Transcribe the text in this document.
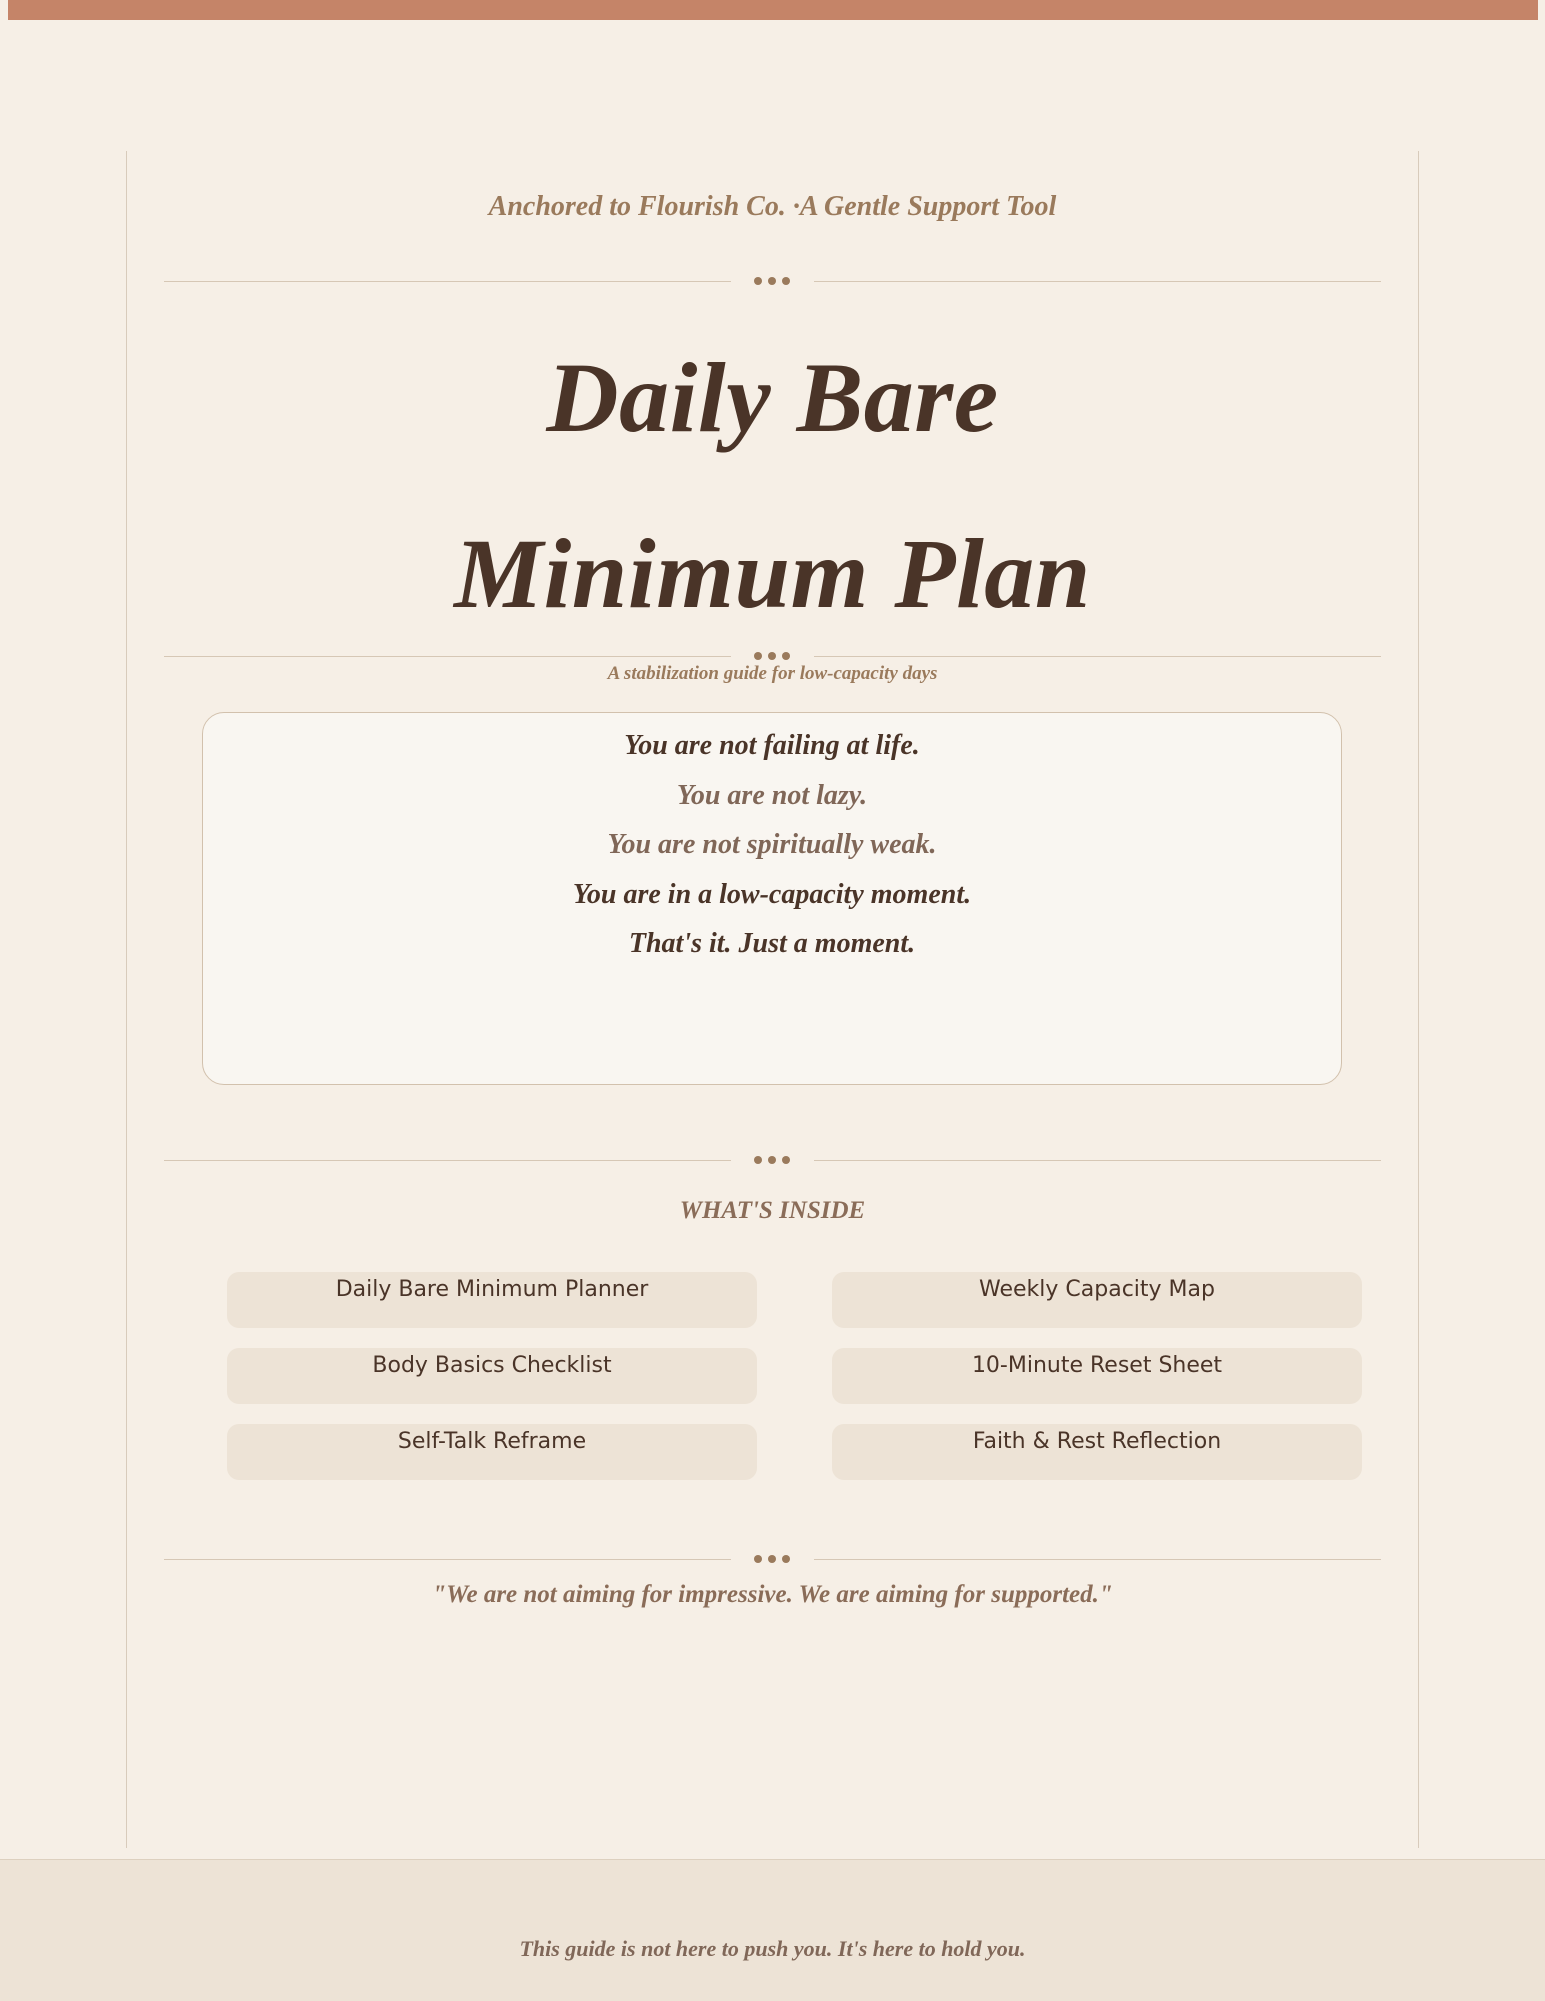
Anchored to Flourish Co. ·A Gentle Support Tool
Daily Bare
Minimum Plan
A stabilization guide for low-capacity days
You are not failing at life.
You are not lazy.
You are not spiritually weak.
You are in a low-capacity moment.
That's it. Just a moment.
WHAT'S INSIDE
Daily Bare Minimum Planner	Weekly Capacity Map
Body Basics Checklist	10-Minute Reset Sheet
Self-Talk Reframe	Faith & Rest Reflection
"We are not aiming for impressive. We are aiming for supported."
This guide is not here to push you. It's here to hold you.
